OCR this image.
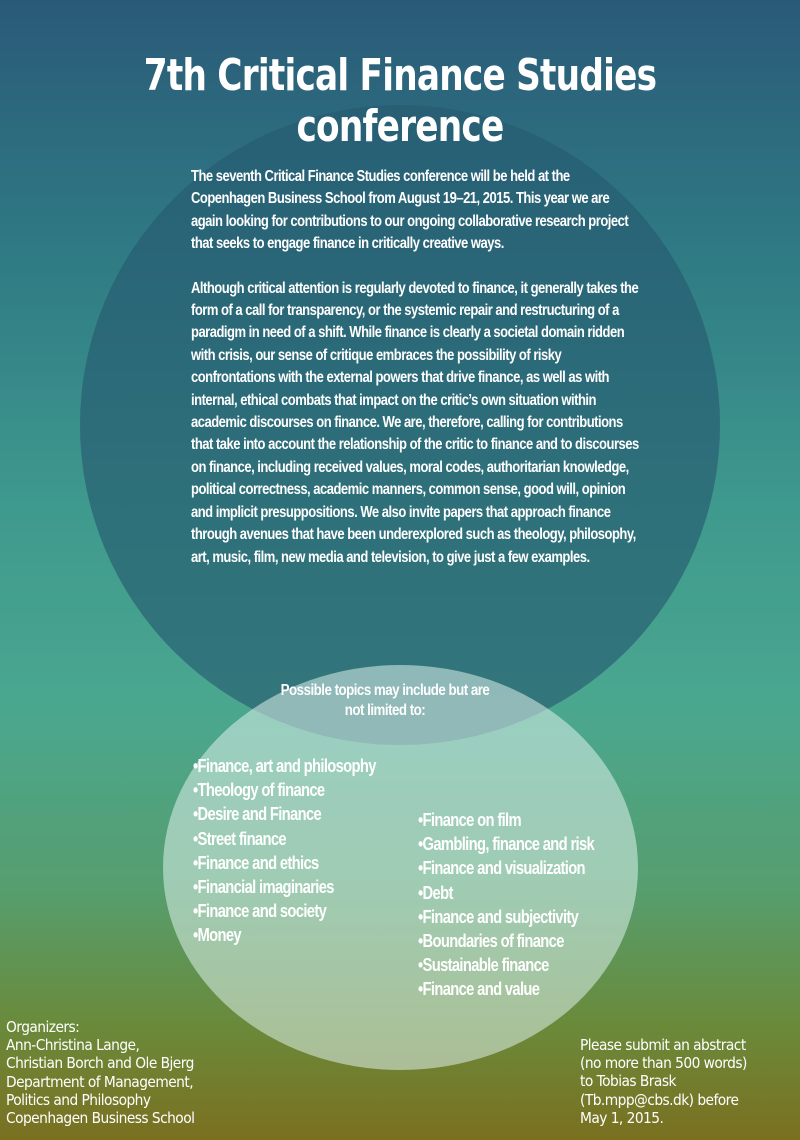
7th Critical Finance Studies conference

The seventh Critical Finance Studies conference will be held at the Copenhagen Business School from August 19–21, 2015. This year we are again looking for contributions to our ongoing collaborative research project that seeks to engage finance in critically creative ways.

Although critical attention is regularly devoted to finance, it generally takes the form of a call for transparency, or the systemic repair and restructuring of a paradigm in need of a shift. While finance is clearly a societal domain ridden with crisis, our sense of critique embraces the possibility of risky confrontations with the external powers that drive finance, as well as with internal, ethical combats that impact on the critic’s own situation within academic discourses on finance. We are, therefore, calling for contributions that take into account the relationship of the critic to finance and to discourses on finance, including received values, moral codes, authoritarian knowledge, political correctness, academic manners, common sense, good will, opinion and implicit presuppositions. We also invite papers that approach finance through avenues that have been underexplored such as theology, philosophy, art, music, film, new media and television, to give just a few examples.

Possible topics may include but are
not limited to:
• Finance, art and philosophy
• Theology of finance
• Desire and Finance
• Street finance
• Finance and ethics
• Financial imaginaries
• Finance and society
• Money
• Finance on film
• Gambling, finance and risk
• Finance and visualization
• Debt
• Finance and subjectivity
• Boundaries of finance
• Sustainable finance
• Finance and value
Organizers:
Ann-Christina Lange,
Christian Borch and Ole Bjerg
Department of Management,
Politics and Philosophy
Copenhagen Business School
Please submit an abstract
(no more than 500 words)
to Tobias Brask
(Tb.mpp@cbs.dk) before
May 1, 2015.
